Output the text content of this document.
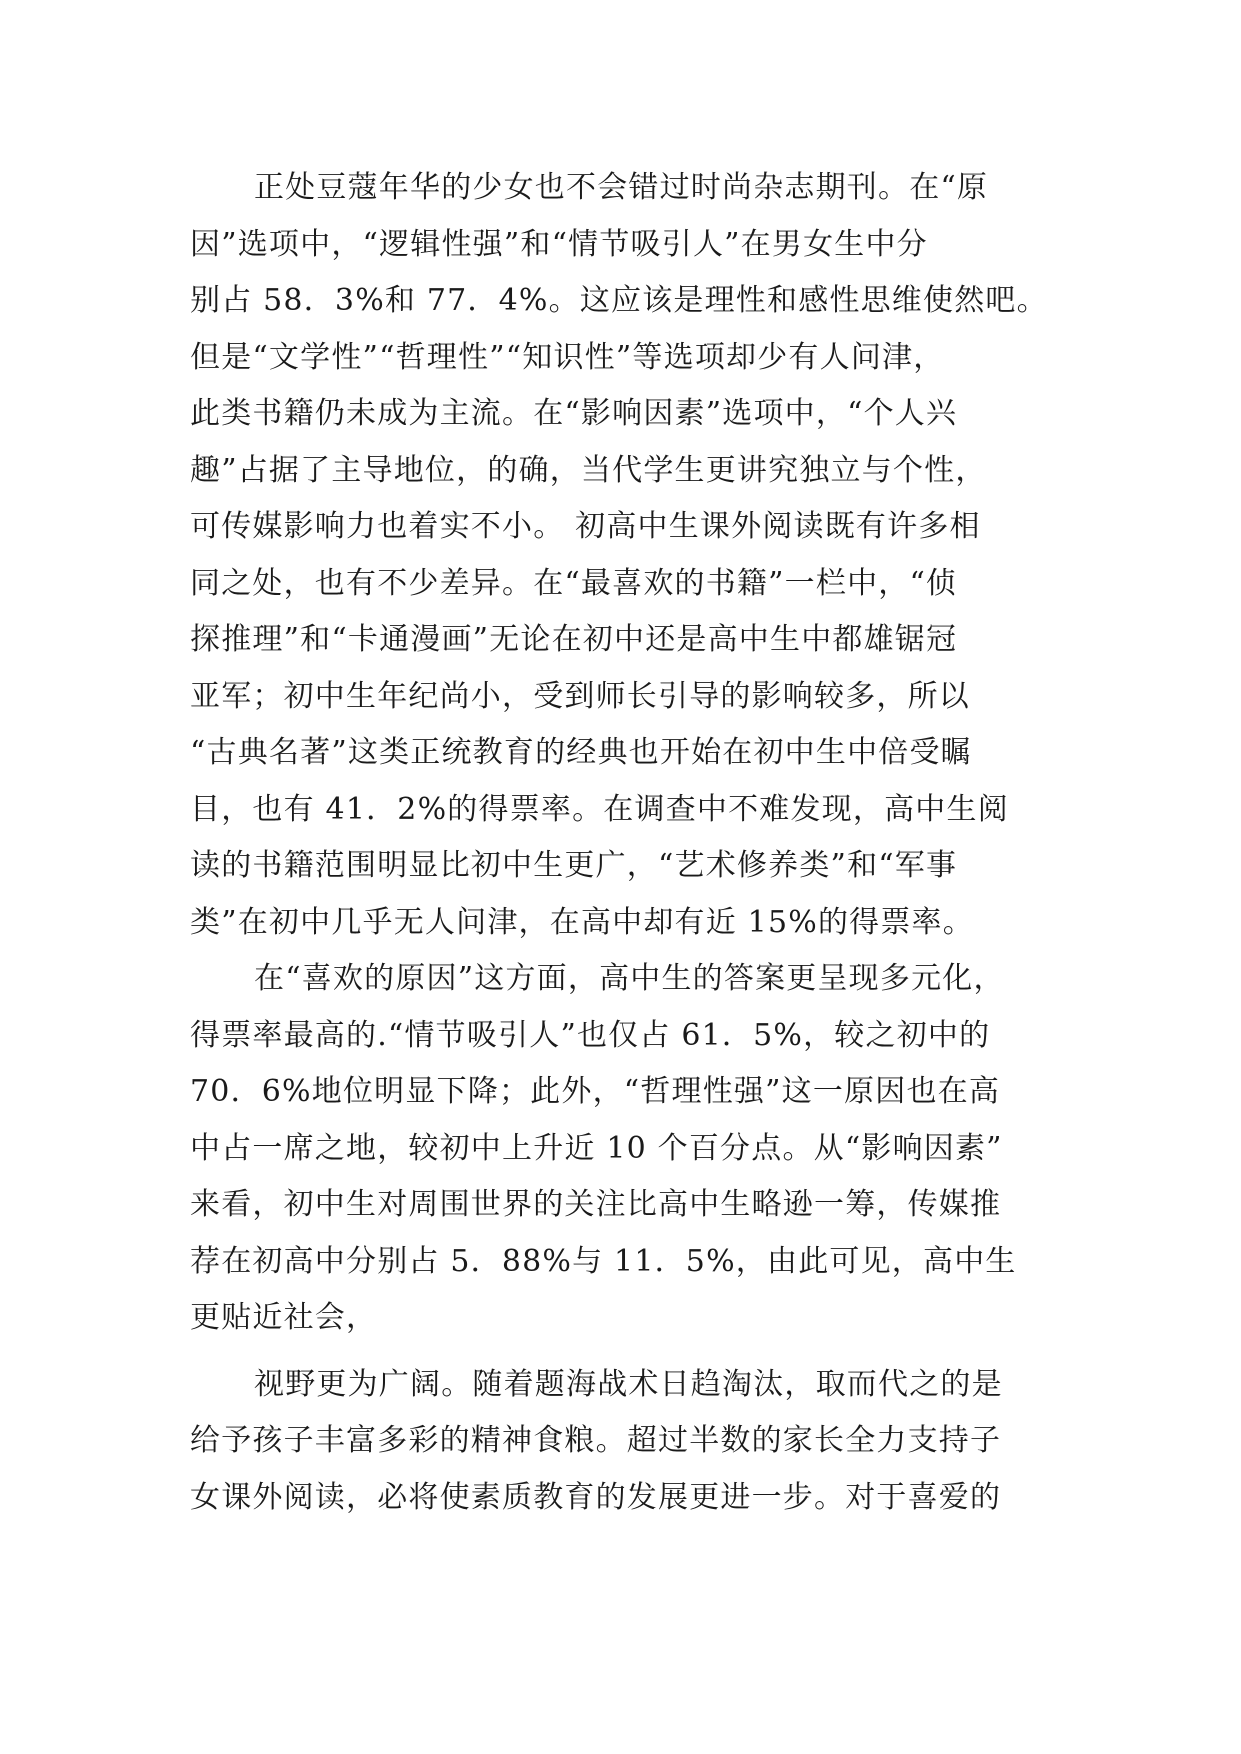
正处豆蔻年华的少女也不会错过时尚杂志期刊。在“原
因”选项中，“逻辑性强”和“情节吸引人”在男女生中分
别占 58．3%和 77．4%。这应该是理性和感性思维使然吧。
但是“文学性”“哲理性”“知识性”等选项却少有人问津，
此类书籍仍未成为主流。在“影响因素”选项中，“个人兴
趣”占据了主导地位，的确，当代学生更讲究独立与个性，
可传媒影响力也着实不小。 初高中生课外阅读既有许多相
同之处，也有不少差异。在“最喜欢的书籍”一栏中，“侦
探推理”和“卡通漫画”无论在初中还是高中生中都雄锯冠
亚军；初中生年纪尚小，受到师长引导的影响较多，所以
“古典名著”这类正统教育的经典也开始在初中生中倍受瞩
目，也有 41．2%的得票率。在调查中不难发现，高中生阅
读的书籍范围明显比初中生更广，“艺术修养类”和“军事
类”在初中几乎无人问津，在高中却有近 15%的得票率。
在“喜欢的原因”这方面，高中生的答案更呈现多元化，
得票率最高的.“情节吸引人”也仅占 61．5%，较之初中的
70．6%地位明显下降；此外，“哲理性强”这一原因也在高
中占一席之地，较初中上升近 10 个百分点。从“影响因素”
来看，初中生对周围世界的关注比高中生略逊一筹，传媒推
荐在初高中分别占 5．88%与 11．5%，由此可见，高中生
更贴近社会，
视野更为广阔。随着题海战术日趋淘汰，取而代之的是
给予孩子丰富多彩的精神食粮。超过半数的家长全力支持子
女课外阅读，必将使素质教育的发展更进一步。对于喜爱的
